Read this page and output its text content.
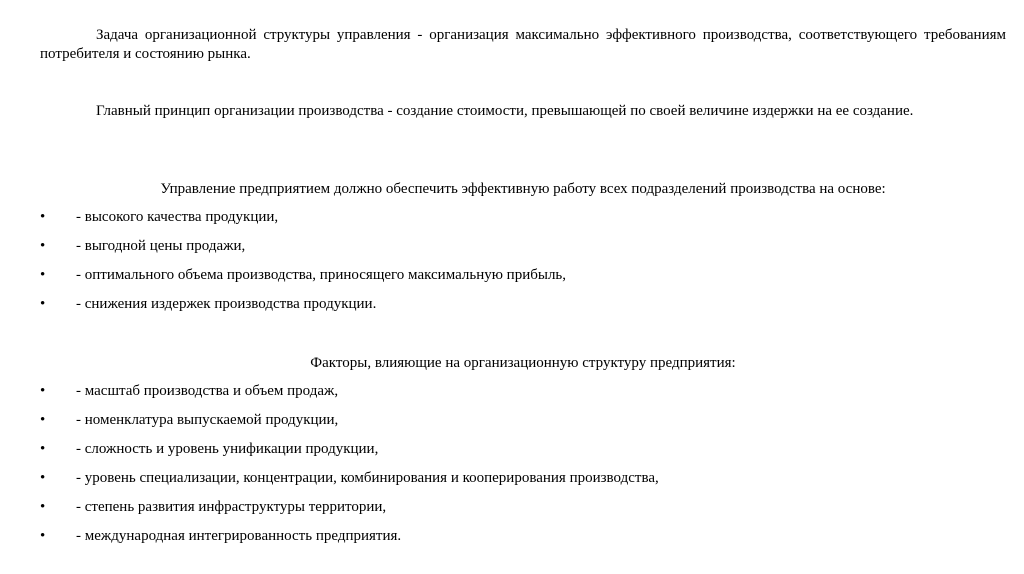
Задача организационной структуры управления - организация максимально эффективного производства, соответствующего требованиям потребителя и состоянию рынка.

Главный принцип организации производства - создание стоимости, превышающей по своей величине издержки на ее создание.

Управление предприятием должно обеспечить эффективную работу всех подразделений производства на основе:

• - высокого качества продукции,
• - выгодной цены продажи,
• - оптимального объема производства, приносящего максимальную прибыль,
• - снижения издержек производства продукции.

Факторы, влияющие на организационную структуру предприятия:

• - масштаб производства и объем продаж,
• - номенклатура выпускаемой продукции,
• - сложность и уровень унификации продукции,
• - уровень специализации, концентрации, комбинирования и кооперирования производства,
• - степень развития инфраструктуры территории,
• - международная интегрированность предприятия.
